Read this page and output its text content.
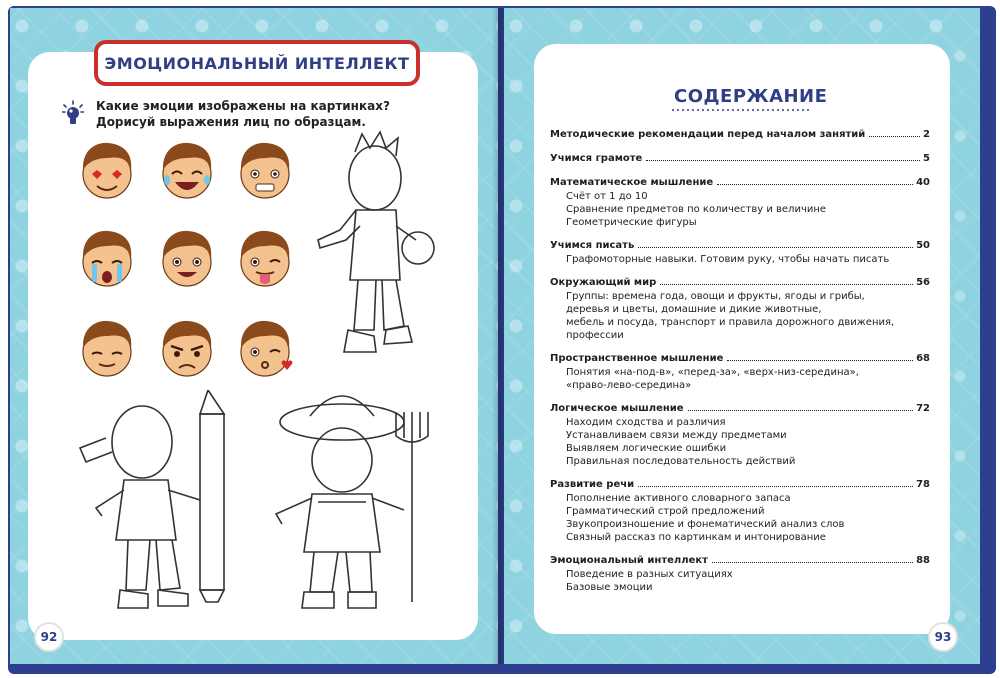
ЭМОЦИОНАЛЬНЫЙ ИНТЕЛЛЕКТ
Какие эмоции изображены на картинках? Дорисуй выражения лиц по образцам.
92
СОДЕРЖАНИЕ
Методические рекомендации перед началом занятий	2
Учимся грамоте	5
Математическое мышление	40
Счёт от 1 до 10
Сравнение предметов по количеству и величине
Геометрические фигуры
Учимся писать	50
Графомоторные навыки. Готовим руку, чтобы начать писать
Окружающий мир	56
Группы: времена года, овощи и фрукты, ягоды и грибы,
деревья и цветы, домашние и дикие животные,
мебель и посуда, транспорт и правила дорожного движения,
профессии
Пространственное мышление	68
Понятия «на-под-в», «перед-за», «верх-низ-середина»,
«право-лево-середина»
Логическое мышление	72
Находим сходства и различия
Устанавливаем связи между предметами
Выявляем логические ошибки
Правильная последовательность действий
Развитие речи	78
Пополнение активного словарного запаса
Грамматический строй предложений
Звукопроизношение и фонематический анализ слов
Связный рассказ по картинкам и интонирование
Эмоциональный интеллект	88
Поведение в разных ситуациях
Базовые эмоции
93
